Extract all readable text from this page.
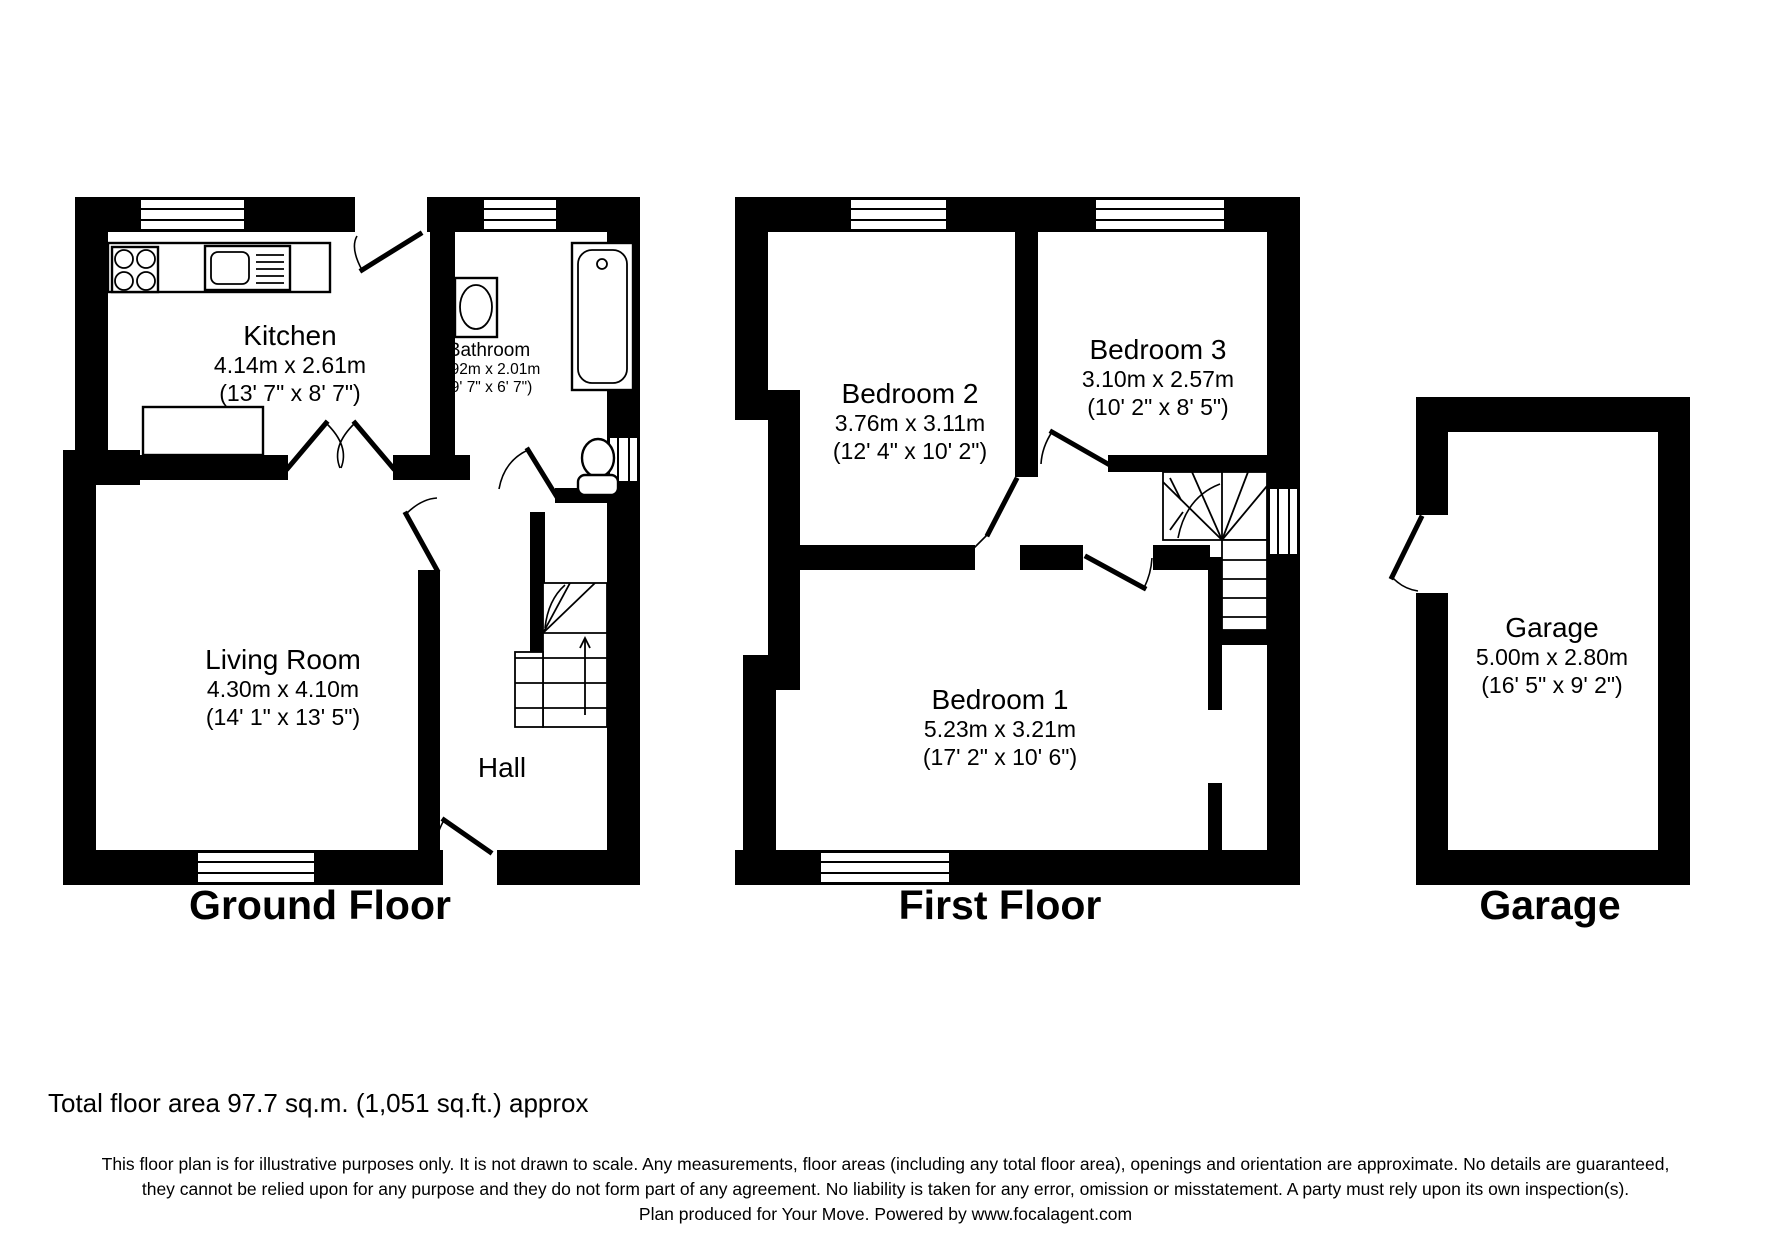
Kitchen
4.14m x 2.61m
(13' 7" x 8' 7")
Bathroom
2.92m x 2.01m
(9' 7" x 6' 7")
Living Room
4.30m x 4.10m
(14' 1" x 13' 5")
Hall
Bedroom 2
3.76m x 3.11m
(12' 4" x 10' 2")
Bedroom 3
3.10m x 2.57m
(10' 2" x 8' 5")
Bedroom 1
5.23m x 3.21m
(17' 2" x 10' 6")
Garage
5.00m x 2.80m
(16' 5" x 9' 2")
Ground Floor	First Floor	Garage
Total floor area 97.7 sq.m. (1,051 sq.ft.) approx
This floor plan is for illustrative purposes only. It is not drawn to scale. Any measurements, floor areas (including any total floor area), openings and orientation are approximate. No details are guaranteed,
they cannot be relied upon for any purpose and they do not form part of any agreement. No liability is taken for any error, omission or misstatement. A party must rely upon its own inspection(s).
Plan produced for Your Move. Powered by www.focalagent.com
